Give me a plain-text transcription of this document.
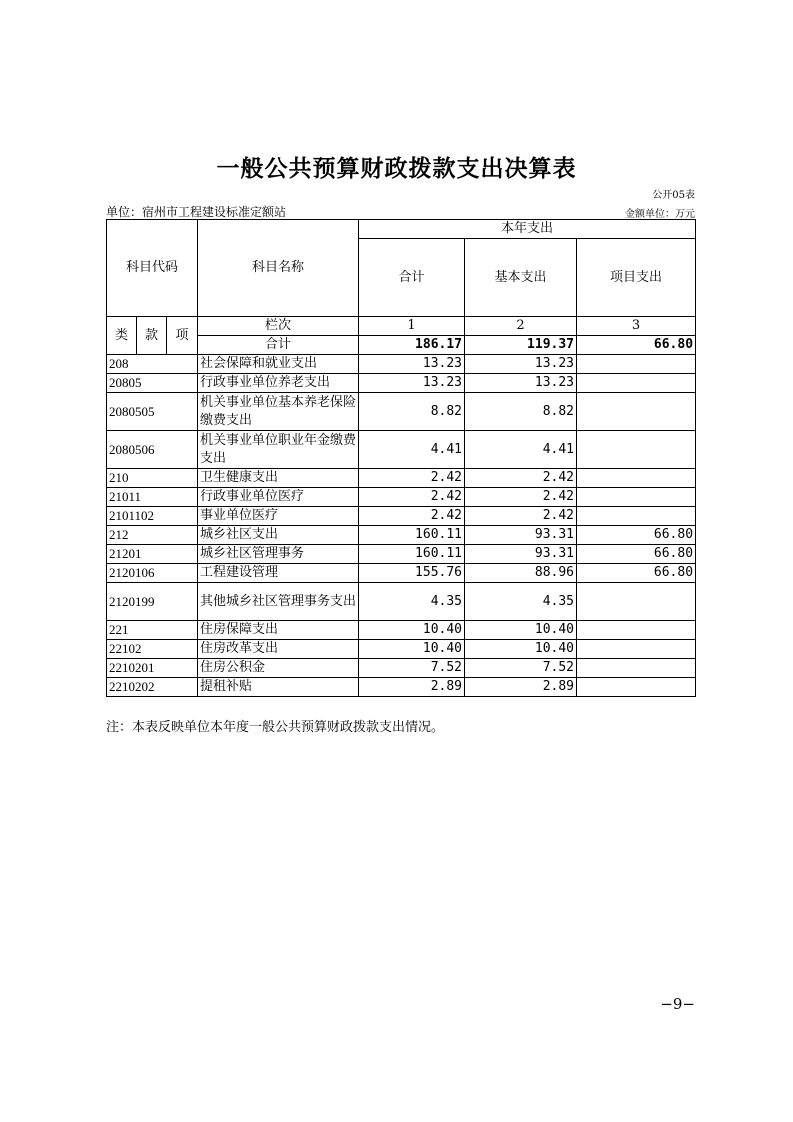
一般公共预算财政拨款支出决算表
公开05表
单位：宿州市工程建设标准定额站	金额单位：万元
科目代码			科目名称	本年支出		
				合计	基本支出	项目支出
类	款	项	栏次	1	2	3
			合计	186.17	119.37	66.80
208			社会保障和就业支出	13.23	13.23	
20805			行政事业单位养老支出	13.23	13.23	
2080505			机关事业单位基本养老保险缴费支出	8.82	8.82	
2080506			机关事业单位职业年金缴费支出	4.41	4.41	
210			卫生健康支出	2.42	2.42	
21011			行政事业单位医疗	2.42	2.42	
2101102			事业单位医疗	2.42	2.42	
212			城乡社区支出	160.11	93.31	66.80
21201			城乡社区管理事务	160.11	93.31	66.80
2120106			工程建设管理	155.76	88.96	66.80
2120199			其他城乡社区管理事务支出	4.35	4.35	
221			住房保障支出	10.40	10.40	
22102			住房改革支出	10.40	10.40	
2210201			住房公积金	7.52	7.52	
2210202			提租补贴	2.89	2.89	
注：本表反映单位本年度一般公共预算财政拨款支出情况。
−9−
